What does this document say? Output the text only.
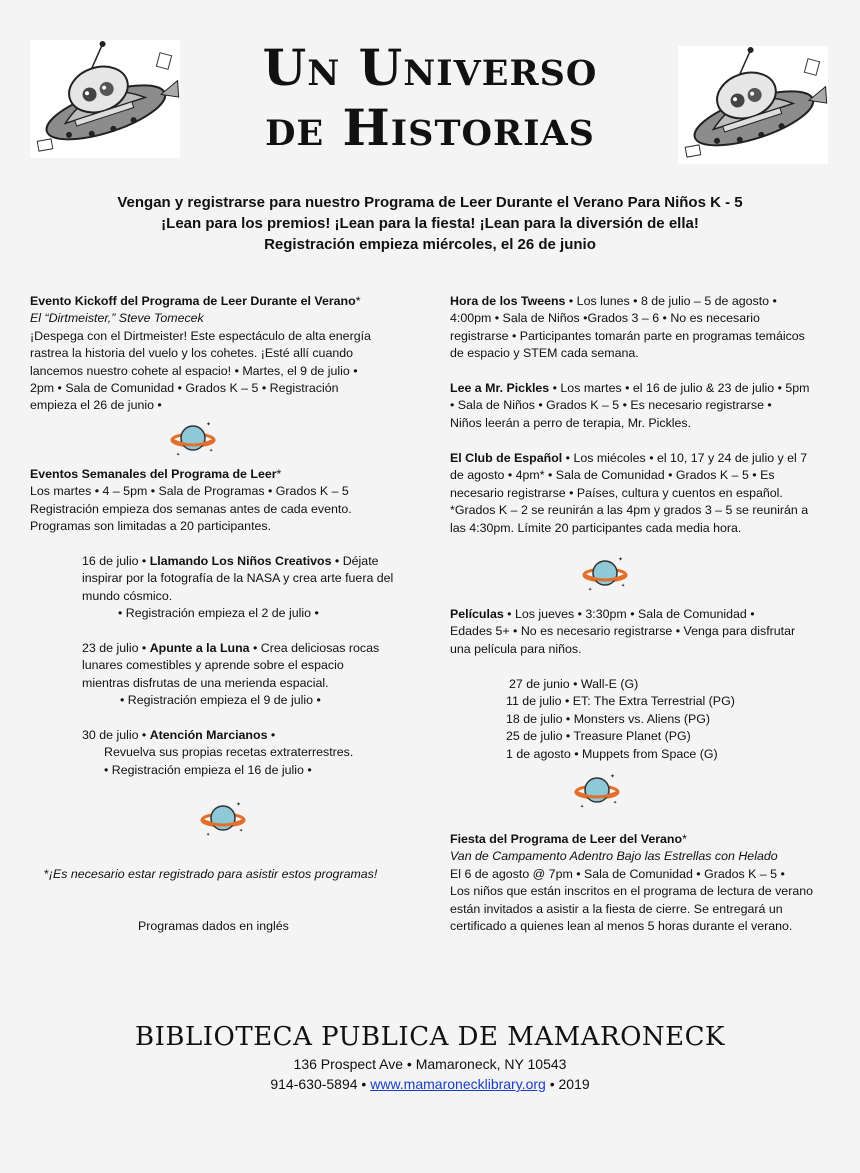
Un Universo
de Historias
Vengan y registrarse para nuestro Programa de Leer Durante el Verano Para Niños K - 5
¡Lean para los premios! ¡Lean para la fiesta! ¡Lean para la diversión de ella!
Registración empieza miércoles, el 26 de junio

Evento Kickoff del Programa de Leer Durante el Verano*

El “Dirtmeister,” Steve Tomecek

¡Despega con el Dirtmeister! Este espectáculo de alta energía

rastrea la historia del vuelo y los cohetes. ¡Esté allí cuando

lancemos nuestro cohete al espacio! • Martes, el 9 de julio •

2pm • Sala de Comunidad • Grados K – 5 • Registración

empieza el 26 de junio •

Eventos Semanales del Programa de Leer*

Los martes • 4 – 5pm • Sala de Programas • Grados K – 5

Registración empieza dos semanas antes de cada evento.

Programas son limitadas a 20 participantes.

16 de julio • Llamando Los Niños Creativos • Déjate

inspirar por la fotografía de la NASA y crea arte fuera del

mundo cósmico.

• Registración empieza el 2 de julio •

23 de julio • Apunte a la Luna • Crea deliciosas rocas

lunares comestibles y aprende sobre el espacio

mientras disfrutas de una merienda espacial.

• Registración empieza el 9 de julio •

30 de julio • Atención Marcianos •

Revuelva sus propias recetas extraterrestres.

• Registración empieza el 16 de julio •

*¡Es necesario estar registrado para asistir estos programas!

Programas dados en inglés

Hora de los Tweens • Los lunes • 8 de julio – 5 de agosto •

4:00pm • Sala de Niños •Grados 3 – 6 • No es necesario

registrarse • Participantes tomarán parte en programas temáicos

de espacio y STEM cada semana.

Lee a Mr. Pickles • Los martes • el 16 de julio & 23 de julio • 5pm

• Sala de Niños • Grados K – 5 • Es necesario registrarse •

Niños leerán a perro de terapia, Mr. Pickles.

El Club de Español • Los miécoles • el 10, 17 y 24 de julio y el 7

de agosto • 4pm* • Sala de Comunidad • Grados K – 5 • Es

necesario registrarse • Países, cultura y cuentos en español.

*Grados K – 2 se reunirán a las 4pm y grados 3 – 5 se reunirán a

las 4:30pm. Límite 20 participantes cada media hora.

Películas • Los jueves • 3:30pm • Sala de Comunidad •

Edades 5+ • No es necesario registrarse • Venga para disfrutar

una película para niños.

27 de junio • Wall-E (G)

11 de julio • ET: The Extra Terrestrial (PG)

18 de julio • Monsters vs. Aliens (PG)

25 de julio • Treasure Planet (PG)

1 de agosto • Muppets from Space (G)

Fiesta del Programa de Leer del Verano*

Van de Campamento Adentro Bajo las Estrellas con Helado

El 6 de agosto @ 7pm • Sala de Comunidad • Grados K – 5 •

Los niños que están inscritos en el programa de lectura de verano

están invitados a asistir a la fiesta de cierre. Se entregará un

certificado a quienes lean al menos 5 horas durante el verano.

BIBLIOTECA PUBLICA DE MAMARONECK
136 Prospect Ave • Mamaroneck, NY 10543
914-630-5894 • www.mamaronecklibrary.org • 2019
